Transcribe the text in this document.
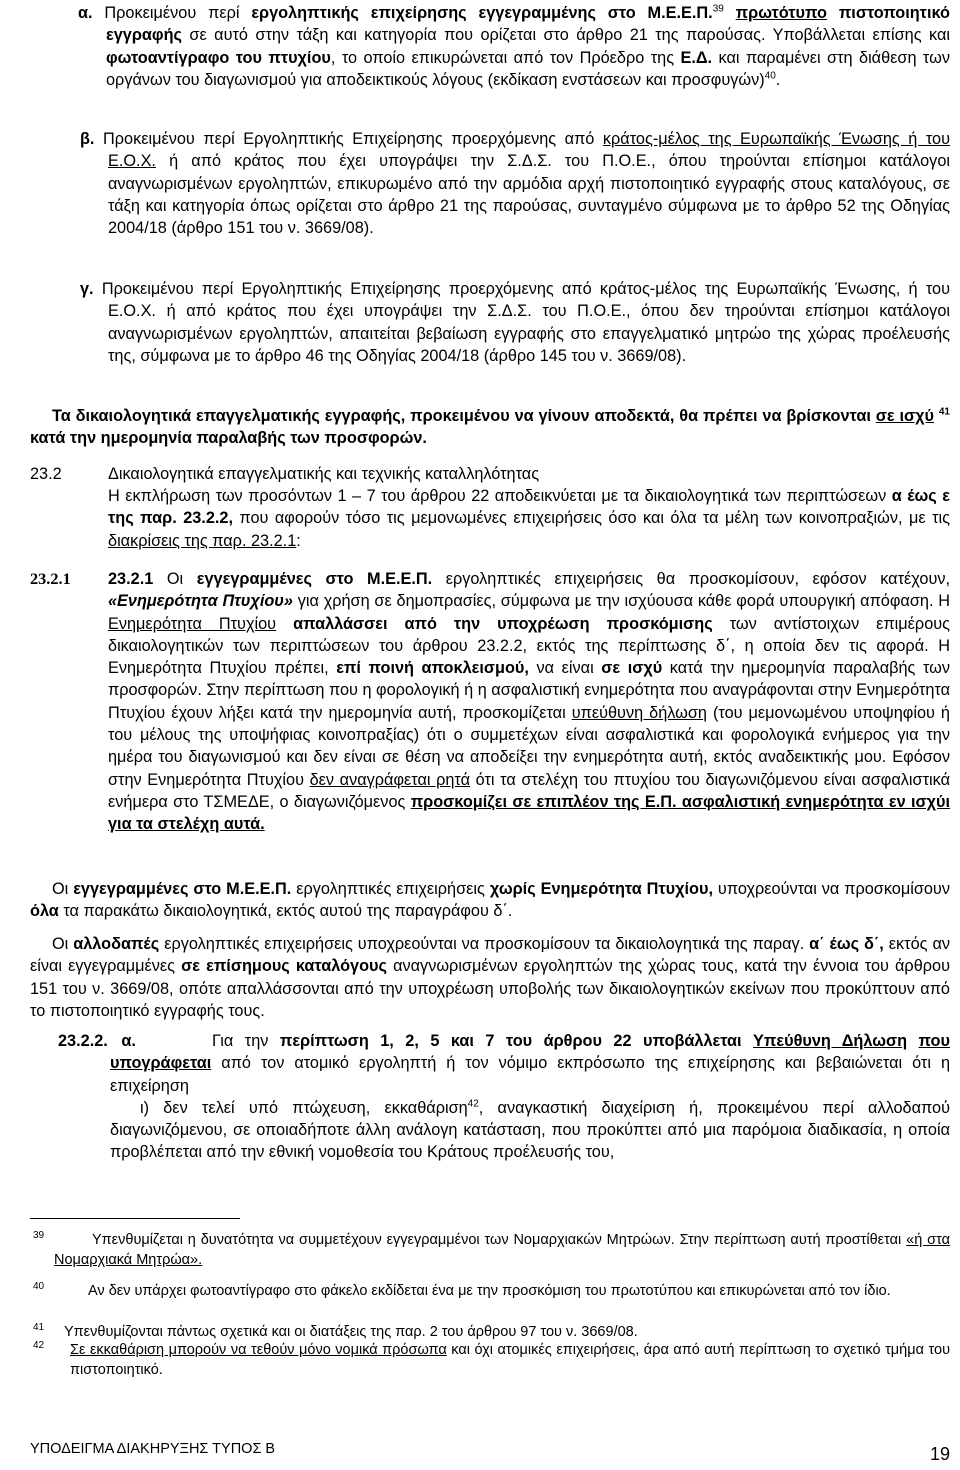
α. Προκειμένου περί εργοληπτικής επιχείρησης εγγεγραμμένης στο Μ.Ε.Ε.Π.$^{39}$ πρωτότυπο πιστοποιητικό εγγραφής σε αυτό στην τάξη και κατηγορία που ορίζεται στο άρθρο 21 της παρούσας. Υποβάλλεται επίσης και φωτοαντίγραφο του πτυχίου, το οποίο επικυρώνεται από τον Πρόεδρο της Ε.Δ. και παραμένει στη διάθεση των οργάνων του διαγωνισμού για αποδεικτικούς λόγους (εκδίκαση ενστάσεων και προσφυγών)$^{40}$.

β. Προκειμένου περί Εργοληπτικής Επιχείρησης προερχόμενης από κράτος-μέλος της Ευρωπαϊκής Ένωσης ή του Ε.Ο.Χ. ή από κράτος που έχει υπογράψει την Σ.Δ.Σ. του Π.Ο.Ε., όπου τηρούνται επίσημοι κατάλογοι αναγνωρισμένων εργοληπτών, επικυρωμένο από την αρμόδια αρχή πιστοποιητικό εγγραφής στους καταλόγους, σε τάξη και κατηγορία όπως ορίζεται στο άρθρο 21 της παρούσας, συνταγμένο σύμφωνα με το άρθρο 52 της Οδηγίας 2004/18 (άρθρο 151 του ν. 3669/08).

γ. Προκειμένου περί Εργοληπτικής Επιχείρησης προερχόμενης από κράτος-μέλος της Ευρωπαϊκής Ένωσης, ή του Ε.Ο.Χ. ή από κράτος που έχει υπογράψει την Σ.Δ.Σ. του Π.Ο.Ε., όπου δεν τηρούνται επίσημοι κατάλογοι αναγνωρισμένων εργοληπτών, απαιτείται βεβαίωση εγγραφής στο επαγγελματικό μητρώο της χώρας προέλευσής της, σύμφωνα με το άρθρο 46 της Οδηγίας 2004/18 (άρθρο 145 του ν. 3669/08).

Τα δικαιολογητικά επαγγελματικής εγγραφής, προκειμένου να γίνουν αποδεκτά, θα πρέπει να βρίσκονται σε ισχύ $^{41}$ κατά την ημερομηνία παραλαβής των προσφορών.

23.2	Δικαιολογητικά επαγγελματικής και τεχνικής καταλληλότητας

Η εκπλήρωση των προσόντων 1 – 7 του άρθρου 22 αποδεικνύεται με τα δικαιολογητικά των περιπτώσεων α έως ε της παρ. 23.2.2, που αφορούν τόσο τις μεμονωμένες επιχειρήσεις όσο και όλα τα μέλη των κοινοπραξιών, με τις διακρίσεις της παρ. 23.2.1:

23.2.1 23.2.1 Οι εγγεγραμμένες στο Μ.Ε.Ε.Π. εργοληπτικές επιχειρήσεις θα προσκομίσουν, εφόσον κατέχουν, «Ενημερότητα Πτυχίου» για χρήση σε δημοπρασίες, σύμφωνα με την ισχύουσα κάθε φορά υπουργική απόφαση. Η Ενημερότητα Πτυχίου απαλλάσσει από την υποχρέωση προσκόμισης των αντίστοιχων επιμέρους δικαιολογητικών των περιπτώσεων του άρθρου 23.2.2, εκτός της περίπτωσης δ΄, η οποία δεν τις αφορά. Η Ενημερότητα Πτυχίου πρέπει, επί ποινή αποκλεισμού, να είναι σε ισχύ κατά την ημερομηνία παραλαβής των προσφορών. Στην περίπτωση που η φορολογική ή η ασφαλιστική ενημερότητα που αναγράφονται στην Ενημερότητα Πτυχίου έχουν λήξει κατά την ημερομηνία αυτή, προσκομίζεται υπεύθυνη δήλωση (του μεμονωμένου υποψηφίου ή του μέλους της υποψήφιας κοινοπραξίας) ότι ο συμμετέχων είναι ασφαλιστικά και φορολογικά ενήμερος για την ημέρα του διαγωνισμού και δεν είναι σε θέση να αποδείξει την ενημερότητα αυτή, εκτός αναδεικτικής μου. Εφόσον στην Ενημερότητα Πτυχίου δεν αναγράφεται ρητά ότι τα στελέχη του πτυχίου του διαγωνιζόμενου είναι ασφαλιστικά ενήμερα στο ΤΣΜΕΔΕ, ο διαγωνιζόμενος προσκομίζει σε επιπλέον της Ε.Π. ασφαλιστική ενημερότητα εν ισχύι για τα στελέχη αυτά.

Οι εγγεγραμμένες στο Μ.Ε.Ε.Π. εργοληπτικές επιχειρήσεις χωρίς Ενημερότητα Πτυχίου, υποχρεούνται να προσκομίσουν όλα τα παρακάτω δικαιολογητικά, εκτός αυτού της παραγράφου δ΄.

Οι αλλοδαπές εργοληπτικές επιχειρήσεις υποχρεούνται να προσκομίσουν τα δικαιολογητικά της παραγ. α΄ έως δ΄, εκτός αν είναι εγγεγραμμένες σε επίσημους καταλόγους αναγνωρισμένων εργοληπτών της χώρας τους, κατά την έννοια του άρθρου 151 του ν. 3669/08, οπότε απαλλάσσονται από την υποχρέωση υποβολής των δικαιολογητικών εκείνων που προκύπτουν από το πιστοποιητικό εγγραφής τους.

23.2.2. α.	Για την περίπτωση 1, 2, 5 και 7 του άρθρου 22 υποβάλλεται Υπεύθυνη Δήλωση που υπογράφεται από τον ατομικό εργοληπτή ή τον νόμιμο εκπρόσωπο της επιχείρησης και βεβαιώνεται ότι η επιχείρηση

ι) δεν τελεί υπό πτώχευση, εκκαθάριση$^{42}$, αναγκαστική διαχείριση ή, προκειμένου περί αλλοδαπού διαγωνιζόμενου, σε οποιαδήποτε άλλη ανάλογη κατάσταση, που προκύπτει από μια παρόμοια διαδικασία, η οποία προβλέπεται από την εθνική νομοθεσία του Κράτους προέλευσής του,

39	Υπενθυμίζεται η δυνατότητα να συμμετέχουν εγγεγραμμένοι των Νομαρχιακών Μητρώων. Στην περίπτωση αυτή προστίθεται «ή στα Νομαρχιακά Μητρώα».

40	Αν δεν υπάρχει φωτοαντίγραφο στο φάκελο εκδίδεται ένα με την προσκόμιση του πρωτοτύπου και επικυρώνεται από τον ίδιο.

41 Υπενθυμίζονται πάντως σχετικά και οι διατάξεις της παρ. 2 του άρθρου 97 του ν. 3669/08.

42 Σε εκκαθάριση μπορούν να τεθούν μόνο νομικά πρόσωπα και όχι ατομικές επιχειρήσεις, άρα από αυτή περίπτωση το σχετικό τμήμα του πιστοποιητικό.

ΥΠΟΔΕΙΓΜΑ ΔΙΑΚΗΡΥΞΗΣ ΤΥΠΟΣ Β	19
